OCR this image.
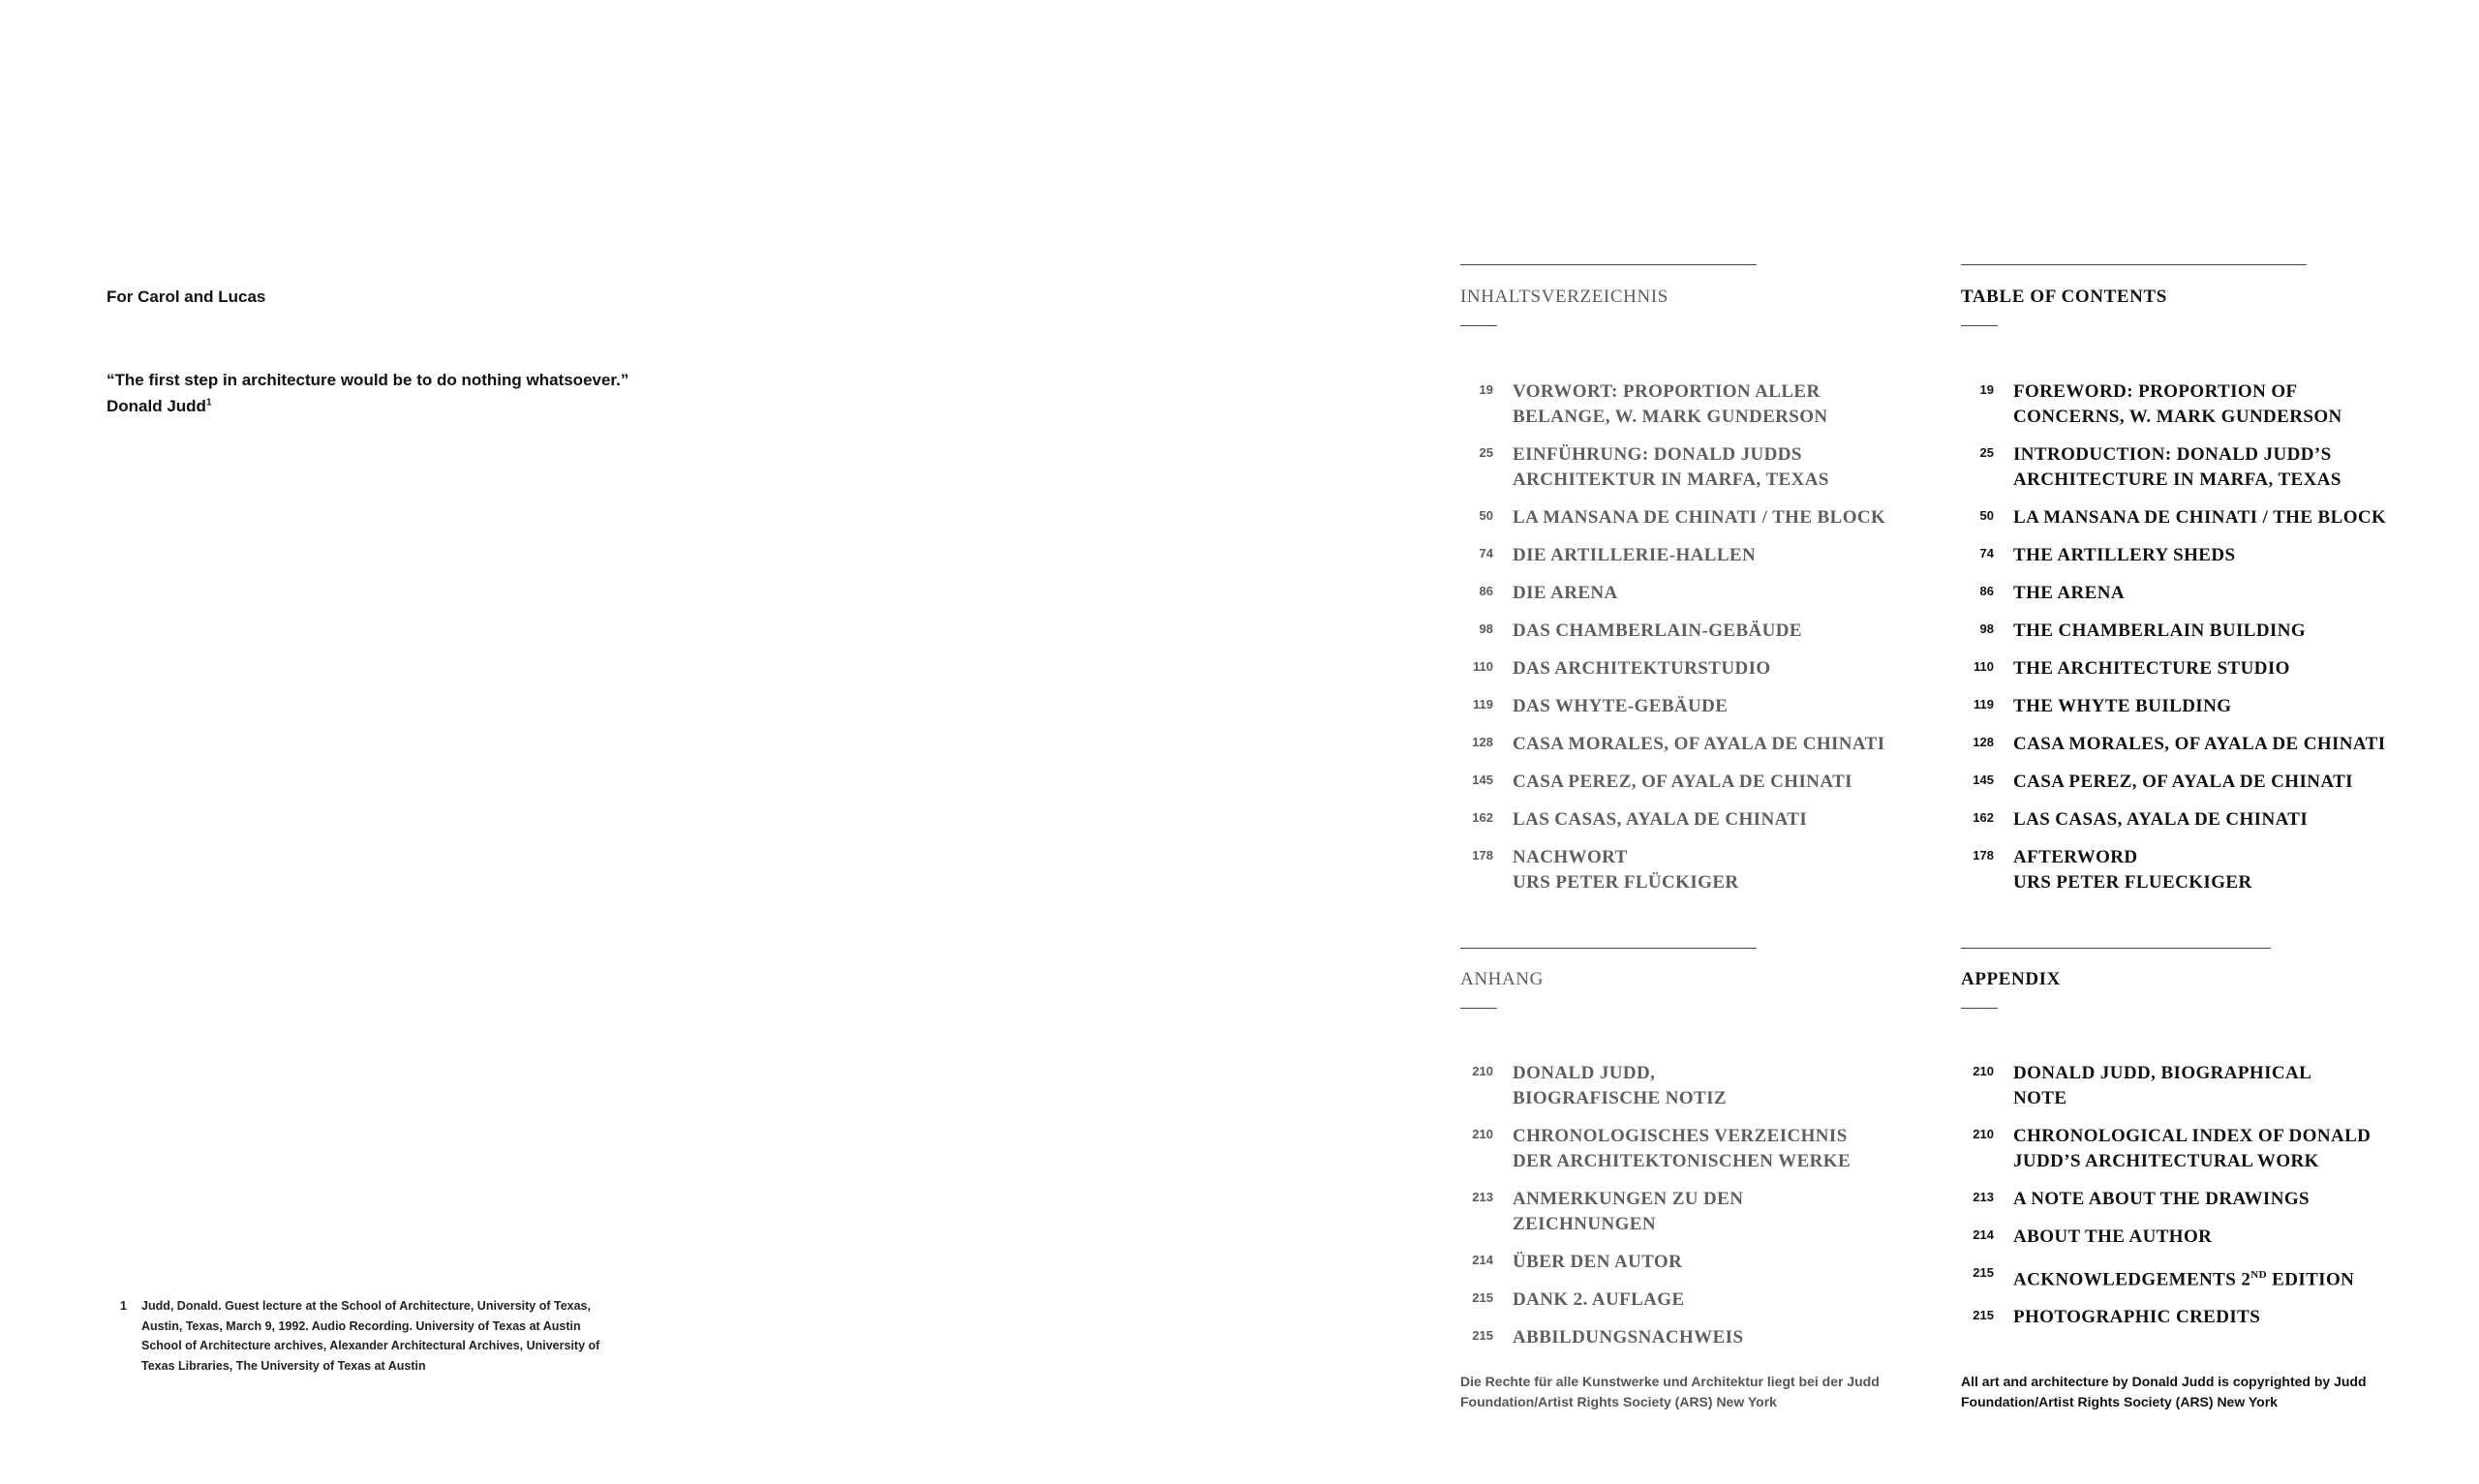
For Carol and Lucas
“The first step in architecture would be to do nothing whatsoever.”
Donald Judd$^1$
1 Judd, Donald. Guest lecture at the School of Architecture, University of Texas, Austin, Texas, March 9, 1992. Audio Recording. University of Texas at Austin School of Architecture archives, Alexander Architectural Archives, University of Texas Libraries, The University of Texas at Austin
INHALTSVERZEICHNIS
19 VORWORT: PROPORTION ALLER
BELANGE, W. MARK GUNDERSON
25 EINFÜHRUNG: DONALD JUDDS
ARCHITEKTUR IN MARFA, TEXAS
50 LA MANSANA DE CHINATI / THE BLOCK
74 DIE ARTILLERIE-HALLEN
86 DIE ARENA
98 DAS CHAMBERLAIN-GEBÄUDE
110 DAS ARCHITEKTURSTUDIO
119 DAS WHYTE-GEBÄUDE
128 CASA MORALES, OF AYALA DE CHINATI
145 CASA PEREZ, OF AYALA DE CHINATI
162 LAS CASAS, AYALA DE CHINATI
178 NACHWORT
URS PETER FLÜCKIGER
ANHANG
210 DONALD JUDD,
BIOGRAFISCHE NOTIZ
210 CHRONOLOGISCHES VERZEICHNIS
DER ARCHITEKTONISCHEN WERKE
213 ANMERKUNGEN ZU DEN
ZEICHNUNGEN
214 ÜBER DEN AUTOR
215 DANK 2. AUFLAGE
215 ABBILDUNGSNACHWEIS
Die Rechte für alle Kunstwerke und Architektur liegt bei der Judd Foundation/Artist Rights Society (ARS) New York
TABLE OF CONTENTS
19 FOREWORD: PROPORTION OF
CONCERNS, W. MARK GUNDERSON
25 INTRODUCTION: DONALD JUDD’S
ARCHITECTURE IN MARFA, TEXAS
50 LA MANSANA DE CHINATI / THE BLOCK
74 THE ARTILLERY SHEDS
86 THE ARENA
98 THE CHAMBERLAIN BUILDING
110 THE ARCHITECTURE STUDIO
119 THE WHYTE BUILDING
128 CASA MORALES, OF AYALA DE CHINATI
145 CASA PEREZ, OF AYALA DE CHINATI
162 LAS CASAS, AYALA DE CHINATI
178 AFTERWORD
URS PETER FLUECKIGER
APPENDIX
210 DONALD JUDD, BIOGRAPHICAL
NOTE
210 CHRONOLOGICAL INDEX OF DONALD
JUDD’S ARCHITECTURAL WORK
213 A NOTE ABOUT THE DRAWINGS
214 ABOUT THE AUTHOR
215 ACKNOWLEDGEMENTS 2ND EDITION
215 PHOTOGRAPHIC CREDITS
All art and architecture by Donald Judd is copyrighted by Judd Foundation/Artist Rights Society (ARS) New York
